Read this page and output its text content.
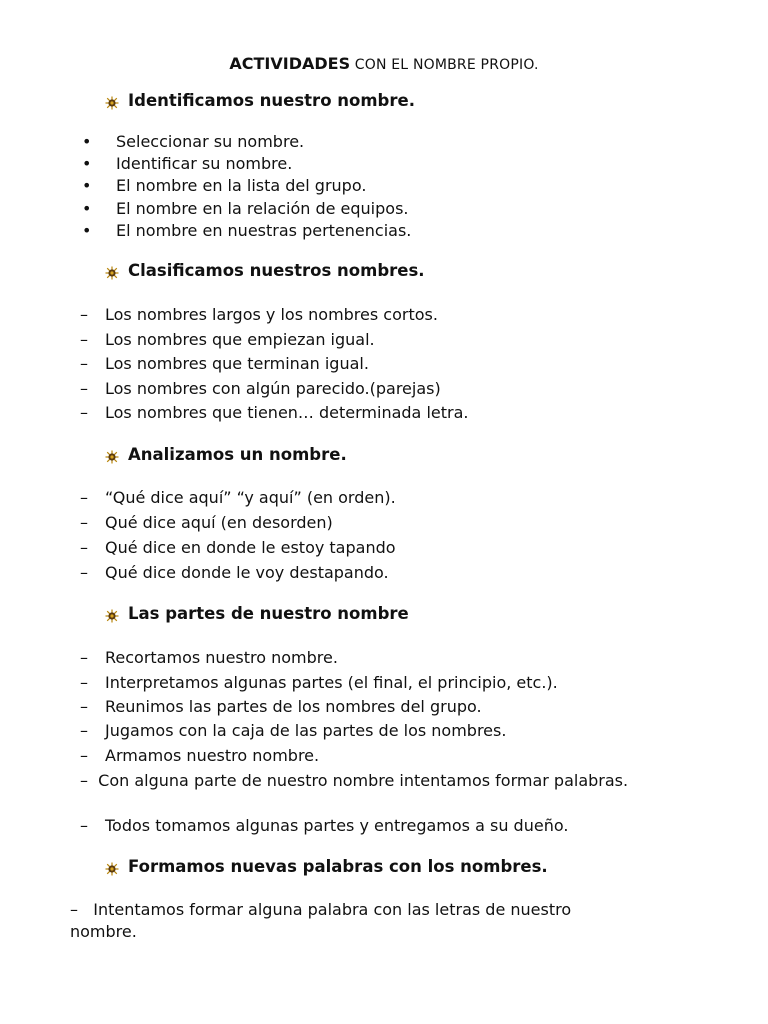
ACTIVIDADES CON EL NOMBRE PROPIO.
Identificamos nuestro nombre.
• Seleccionar su nombre.
• Identificar su nombre.
• El nombre en la lista del grupo.
• El nombre en la relación de equipos.
• El nombre en nuestras pertenencias.
Clasificamos nuestros nombres.
– Los nombres largos y los nombres cortos.
– Los nombres que empiezan igual.
– Los nombres que terminan igual.
– Los nombres con algún parecido.(parejas)
– Los nombres que tienen… determinada letra.
Analizamos un nombre.
– “Qué dice aquí” “y aquí” (en orden).
– Qué dice aquí (en desorden)
– Qué dice en donde le estoy tapando
– Qué dice donde le voy destapando.
Las partes de nuestro nombre
– Recortamos nuestro nombre.
– Interpretamos algunas partes (el final, el principio, etc.).
– Reunimos las partes de los nombres del grupo.
– Jugamos con la caja de las partes de los nombres.
– Armamos nuestro nombre.
– Con alguna parte de nuestro nombre intentamos formar palabras.
– Todos tomamos algunas partes y entregamos a su dueño.
Formamos nuevas palabras con los nombres.
– Intentamos formar alguna palabra con las letras de nuestro nombre.
